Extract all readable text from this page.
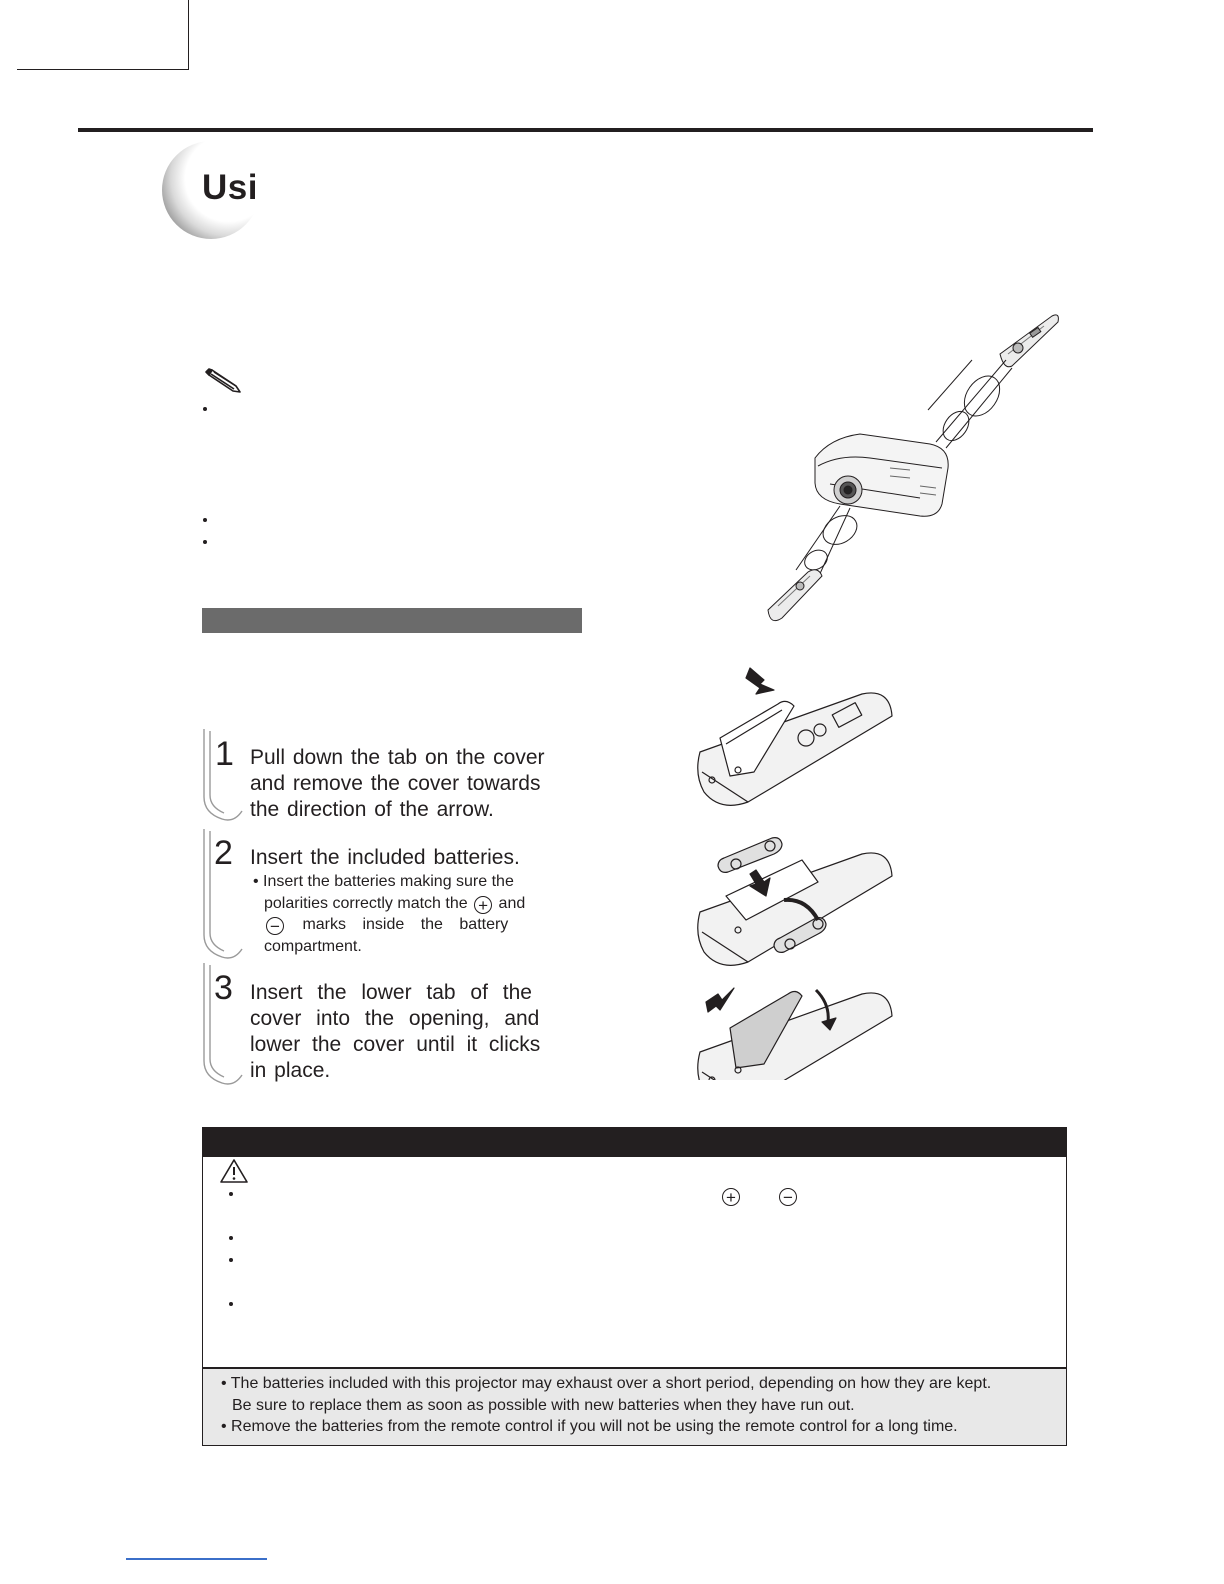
Usi
1 Pull down the tab on the cover
and remove the cover towards
the direction of the arrow.
2 Insert the included batteries.
• Insert the batteries making sure the
polarities correctly match the + and
− marks inside the battery
compartment.
3 Insert the lower tab of the
cover into the opening, and
lower the cover until it clicks
in place.
+	−
• The batteries included with this projector may exhaust over a short period, depending on how they are kept.
Be sure to replace them as soon as possible with new batteries when they have run out.
• Remove the batteries from the remote control if you will not be using the remote control for a long time.
